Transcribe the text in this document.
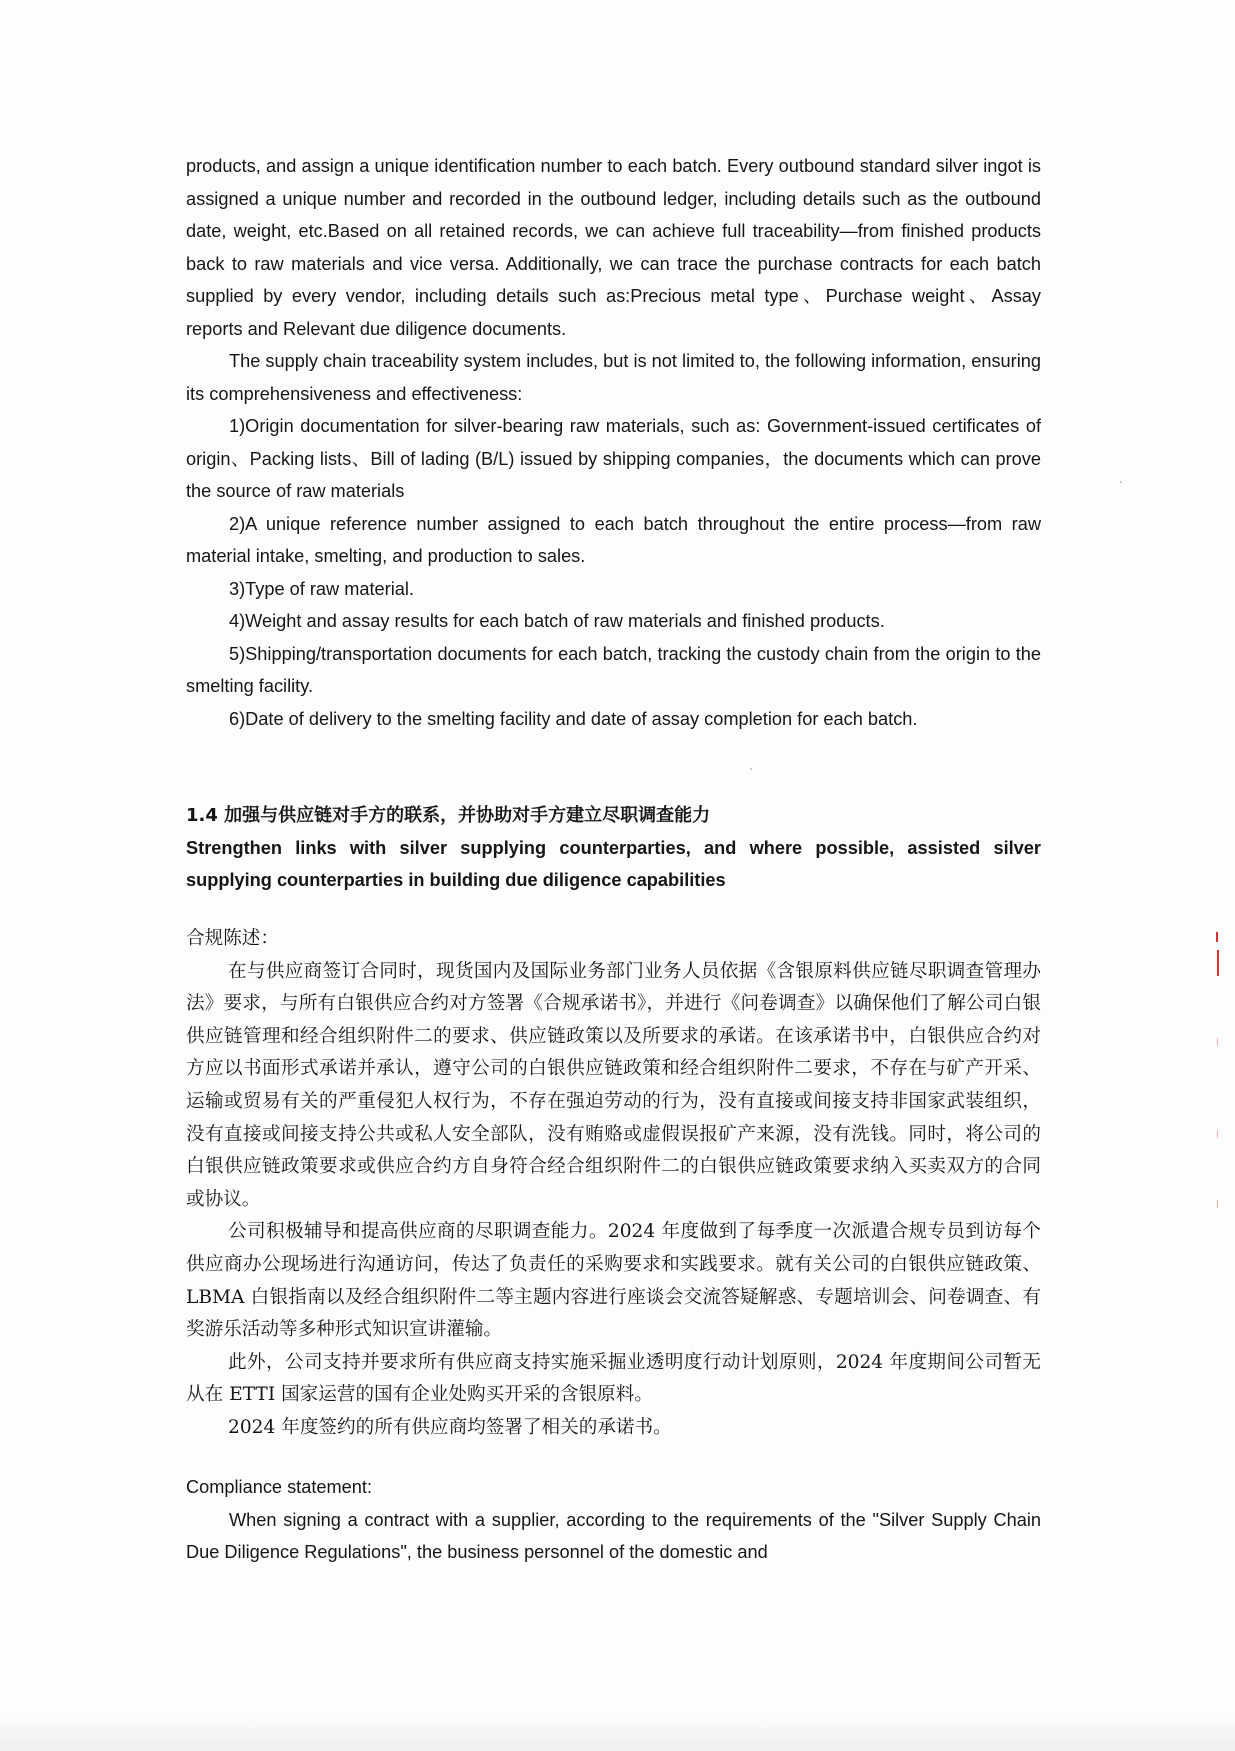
products, and assign a unique identification number to each batch. Every outbound standard silver ingot is assigned a unique number and recorded in the outbound ledger, including details such as the outbound date, weight, etc.Based on all retained records, we can achieve full traceability—from finished products back to raw materials and vice versa. Additionally, we can trace the purchase contracts for each batch supplied by every vendor, including details such as:Precious metal type、Purchase weight、Assay reports and Relevant due diligence documents.

The supply chain traceability system includes, but is not limited to, the following information, ensuring its comprehensiveness and effectiveness:

1)Origin documentation for silver-bearing raw materials, such as: Government-issued certificates of origin、Packing lists、Bill of lading (B/L) issued by shipping companies，the documents which can prove the source of raw materials

2)A unique reference number assigned to each batch throughout the entire process—from raw material intake, smelting, and production to sales.

3)Type of raw material.

4)Weight and assay results for each batch of raw materials and finished products.

5)Shipping/transportation documents for each batch, tracking the custody chain from the origin to the smelting facility.

6)Date of delivery to the smelting facility and date of assay completion for each batch.

1.4 加强与供应链对手方的联系，并协助对手方建立尽职调查能力

Strengthen links with silver supplying counterparties, and where possible, assisted silver supplying counterparties in building due diligence capabilities

合规陈述：

在与供应商签订合同时，现货国内及国际业务部门业务人员依据《含银原料供应链尽职调查管理办法》要求，与所有白银供应合约对方签署《合规承诺书》，并进行《问卷调查》以确保他们了解公司白银供应链管理和经合组织附件二的要求、供应链政策以及所要求的承诺。在该承诺书中，白银供应合约对方应以书面形式承诺并承认，遵守公司的白银供应链政策和经合组织附件二要求，不存在与矿产开采、运输或贸易有关的严重侵犯人权行为，不存在强迫劳动的行为，没有直接或间接支持非国家武装组织，没有直接或间接支持公共或私人安全部队，没有贿赂或虚假误报矿产来源，没有洗钱。同时，将公司的白银供应链政策要求或供应合约方自身符合经合组织附件二的白银供应链政策要求纳入买卖双方的合同或协议。

公司积极辅导和提高供应商的尽职调查能力。2024 年度做到了每季度一次派遣合规专员到访每个供应商办公现场进行沟通访问，传达了负责任的采购要求和实践要求。就有关公司的白银供应链政策、LBMA 白银指南以及经合组织附件二等主题内容进行座谈会交流答疑解惑、专题培训会、问卷调查、有奖游乐活动等多种形式知识宣讲灌输。

此外，公司支持并要求所有供应商支持实施采掘业透明度行动计划原则，2024 年度期间公司暂无从在 ETTI 国家运营的国有企业处购买开采的含银原料。

2024 年度签约的所有供应商均签署了相关的承诺书。

Compliance statement:

When signing a contract with a supplier, according to the requirements of the "Silver Supply Chain Due Diligence Regulations", the business personnel of the domestic and
